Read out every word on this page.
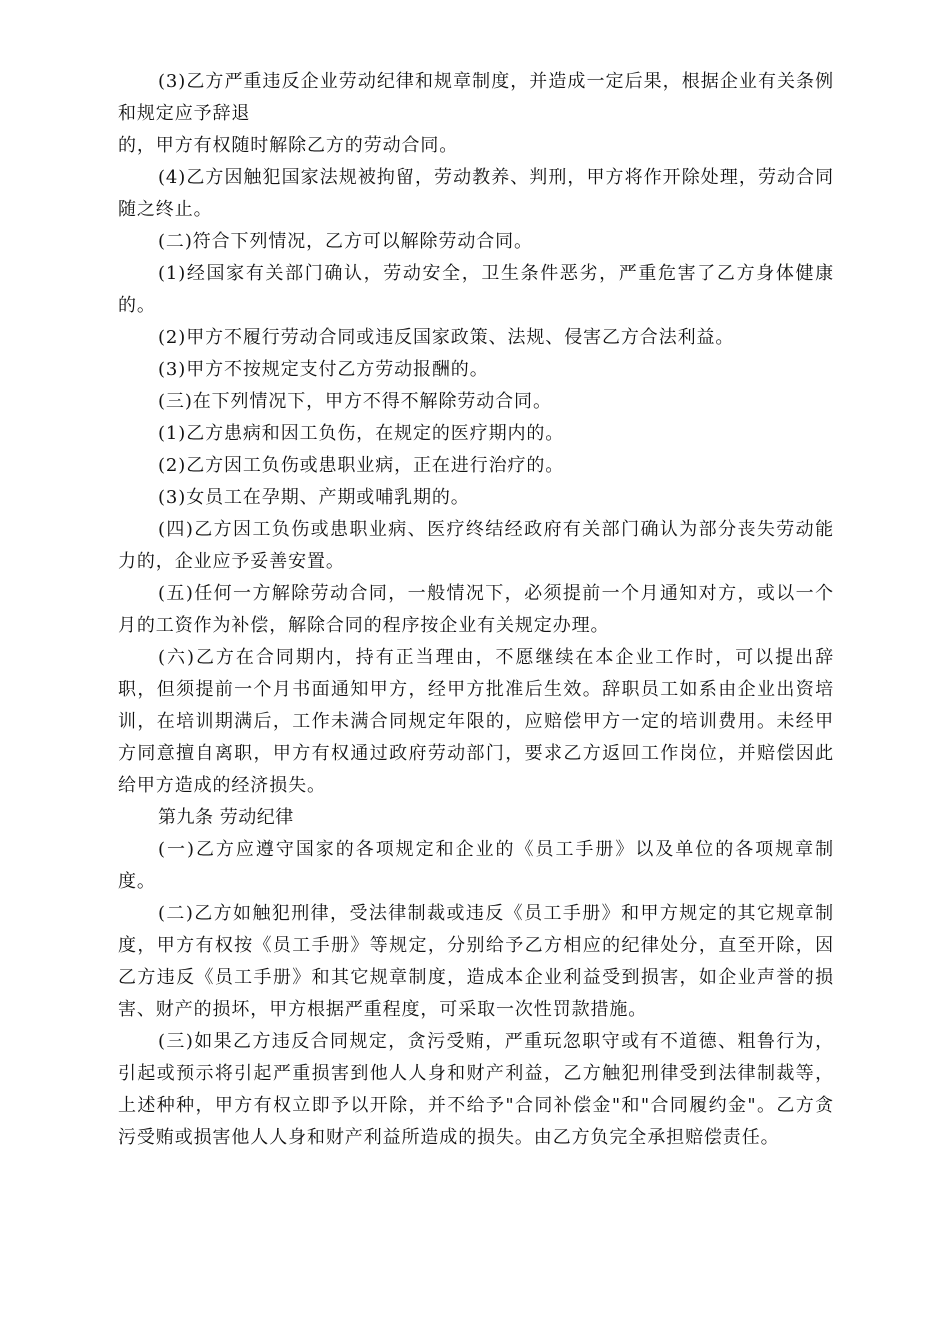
(3)乙方严重违反企业劳动纪律和规章制度，并造成一定后果，根据企业有关条例和规定应予辞退

的，甲方有权随时解除乙方的劳动合同。

(4)乙方因触犯国家法规被拘留，劳动教养、判刑，甲方将作开除处理，劳动合同随之终止。

(二)符合下列情况，乙方可以解除劳动合同。

(1)经国家有关部门确认，劳动安全，卫生条件恶劣，严重危害了乙方身体健康的。

(2)甲方不履行劳动合同或违反国家政策、法规、侵害乙方合法利益。

(3)甲方不按规定支付乙方劳动报酬的。

(三)在下列情况下，甲方不得不解除劳动合同。

(1)乙方患病和因工负伤，在规定的医疗期内的。

(2)乙方因工负伤或患职业病，正在进行治疗的。

(3)女员工在孕期、产期或哺乳期的。

(四)乙方因工负伤或患职业病、医疗终结经政府有关部门确认为部分丧失劳动能力的，企业应予妥善安置。

(五)任何一方解除劳动合同，一般情况下，必须提前一个月通知对方，或以一个月的工资作为补偿，解除合同的程序按企业有关规定办理。

(六)乙方在合同期内，持有正当理由，不愿继续在本企业工作时，可以提出辞职，但须提前一个月书面通知甲方，经甲方批准后生效。辞职员工如系由企业出资培训，在培训期满后，工作未满合同规定年限的，应赔偿甲方一定的培训费用。未经甲方同意擅自离职，甲方有权通过政府劳动部门，要求乙方返回工作岗位，并赔偿因此给甲方造成的经济损失。

第九条 劳动纪律

(一)乙方应遵守国家的各项规定和企业的《员工手册》以及单位的各项规章制度。

(二)乙方如触犯刑律，受法律制裁或违反《员工手册》和甲方规定的其它规章制度，甲方有权按《员工手册》等规定，分别给予乙方相应的纪律处分，直至开除，因乙方违反《员工手册》和其它规章制度，造成本企业利益受到损害，如企业声誉的损害、财产的损坏，甲方根据严重程度，可采取一次性罚款措施。

(三)如果乙方违反合同规定，贪污受贿，严重玩忽职守或有不道德、粗鲁行为，引起或预示将引起严重损害到他人人身和财产利益，乙方触犯刑律受到法律制裁等，上述种种，甲方有权立即予以开除，并不给予"合同补偿金"和"合同履约金"。乙方贪污受贿或损害他人人身和财产利益所造成的损失。由乙方负完全承担赔偿责任。
